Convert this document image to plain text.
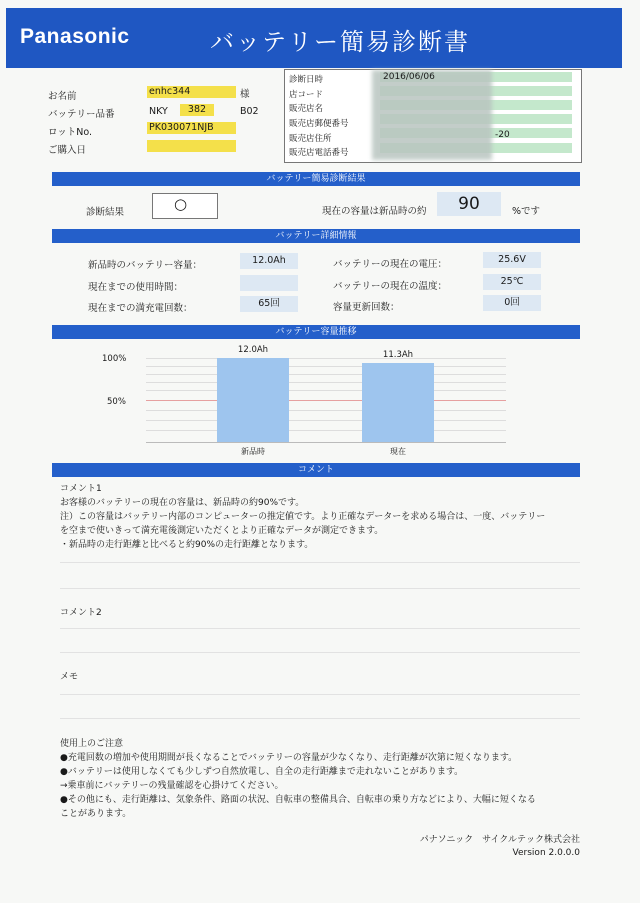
Panasonic	バッテリー簡易診断書
お名前	enhc344	様
バッテリー品番	NKY	382	B02
ロットNo.	PK030071NJB
ご購入日
診断日時	2016/06/06
店コード
販売店名
販売店郵便番号
販売店住所	-20
販売店電話番号
バッテリー簡易診断結果
診断結果	○	現在の容量は新品時の約	90	%です
バッテリー詳細情報
新品時のバッテリー容量：	12.0Ah
現在までの使用時間：
現在までの満充電回数：	65回
バッテリーの現在の電圧：	25.6V
バッテリーの現在の温度：	25℃
容量更新回数：	0回
バッテリー容量推移
100%
50%
12.0Ah	11.3Ah
新品時	現在
コメント
コメント1
お客様のバッテリーの現在の容量は、新品時の約90%です。
注）この容量はバッテリー内部のコンピューターの推定値です。より正確なデーターを求める場合は、一度、バッテリー
を空まで使いきって満充電後測定いただくとより正確なデータが測定できます。
・新品時の走行距離と比べると約90%の走行距離となります。
コメント2
メモ
使用上のご注意
●充電回数の増加や使用期間が長くなることでバッテリーの容量が少なくなり、走行距離が次第に短くなります。
●バッテリーは使用しなくても少しずつ自然放電し、自全の走行距離まで走れないことがあります。
→乗車前にバッテリーの残量確認を心掛けてください。
●その他にも、走行距離は、気象条件、路面の状況、自転車の整備具合、自転車の乗り方などにより、大幅に短くなる
ことがあります。
パナソニック　サイクルテック株式会社
Version 2.0.0.0
